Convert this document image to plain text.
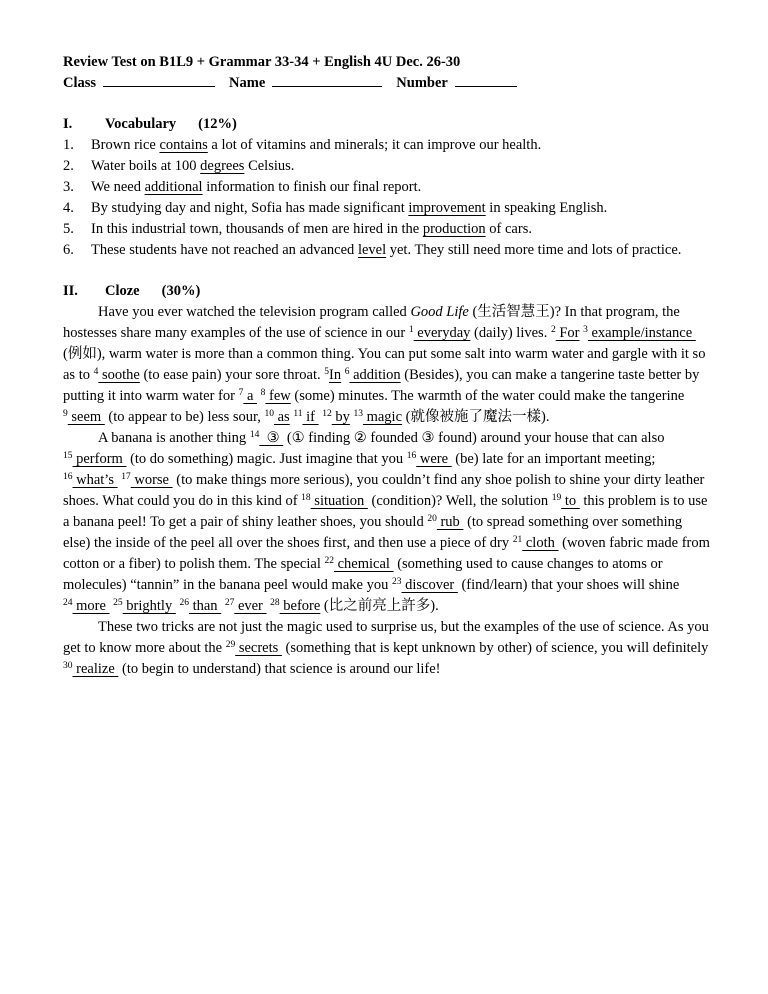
Review Test on B1L9 + Grammar 33-34 + English 4U Dec. 26-30
Class	Name	Number
I.	Vocabulary (12%)
1.	Brown rice contains a lot of vitamins and minerals; it can improve our health.
2.	Water boils at 100 degrees Celsius.
3.	We need additional information to finish our final report.
4.	By studying day and night, Sofia has made significant improvement in speaking English.
5.	In this industrial town, thousands of men are hired in the production of cars.
6.	These students have not reached an advanced level yet. They still need more time and lots of practice.
II.	Cloze (30%)

Have you ever watched the television program called Good Life (生活智慧王)? In that program, the hostesses share many examples of the use of science in our $^1$ everyday (daily) lives. $^2$ For $^3$ example/instance  (例如), warm water is more than a common thing. You can put some salt into warm water and gargle with it so as to $^4$ soothe (to ease pain) your sore throat. $^5$In $^6$ addition (Besides), you can make a tangerine taste better by putting it into warm water for $^7$ a  $^8$ few (some) minutes. The warmth of the water could make the tangerine $^9$ seem  (to appear to be) less sour, $^{10}$ as $^{11}$ if  $^{12}$ by $^{13}$ magic (就像被施了魔法一樣).

A banana is another thing $^{14}$  ③  (① finding ② founded ③ found) around your house that can also $^{15}$ perform  (to do something) magic. Just imagine that you $^{16}$ were  (be) late for an important meeting; $^{16}$ what’s  $^{17}$ worse  (to make things more serious), you couldn’t find any shoe polish to shine your dirty leather shoes. What could you do in this kind of $^{18}$ situation  (condition)? Well, the solution $^{19}$ to  this problem is to use a banana peel! To get a pair of shiny leather shoes, you should $^{20}$ rub  (to spread something over something else) the inside of the peel all over the shoes first, and then use a piece of dry $^{21}$ cloth  (woven fabric made from cotton or a fiber) to polish them. The special $^{22}$ chemical  (something used to cause changes to atoms or molecules) “tannin” in the banana peel would make you $^{23}$ discover  (find/learn) that your shoes will shine $^{24}$ more  $^{25}$ brightly  $^{26}$ than  $^{27}$ ever  $^{28}$ before (比之前亮上許多).

These two tricks are not just the magic used to surprise us, but the examples of the use of science. As you get to know more about the $^{29}$ secrets  (something that is kept unknown by other) of science, you will definitely $^{30}$ realize  (to begin to understand) that science is around our life!
